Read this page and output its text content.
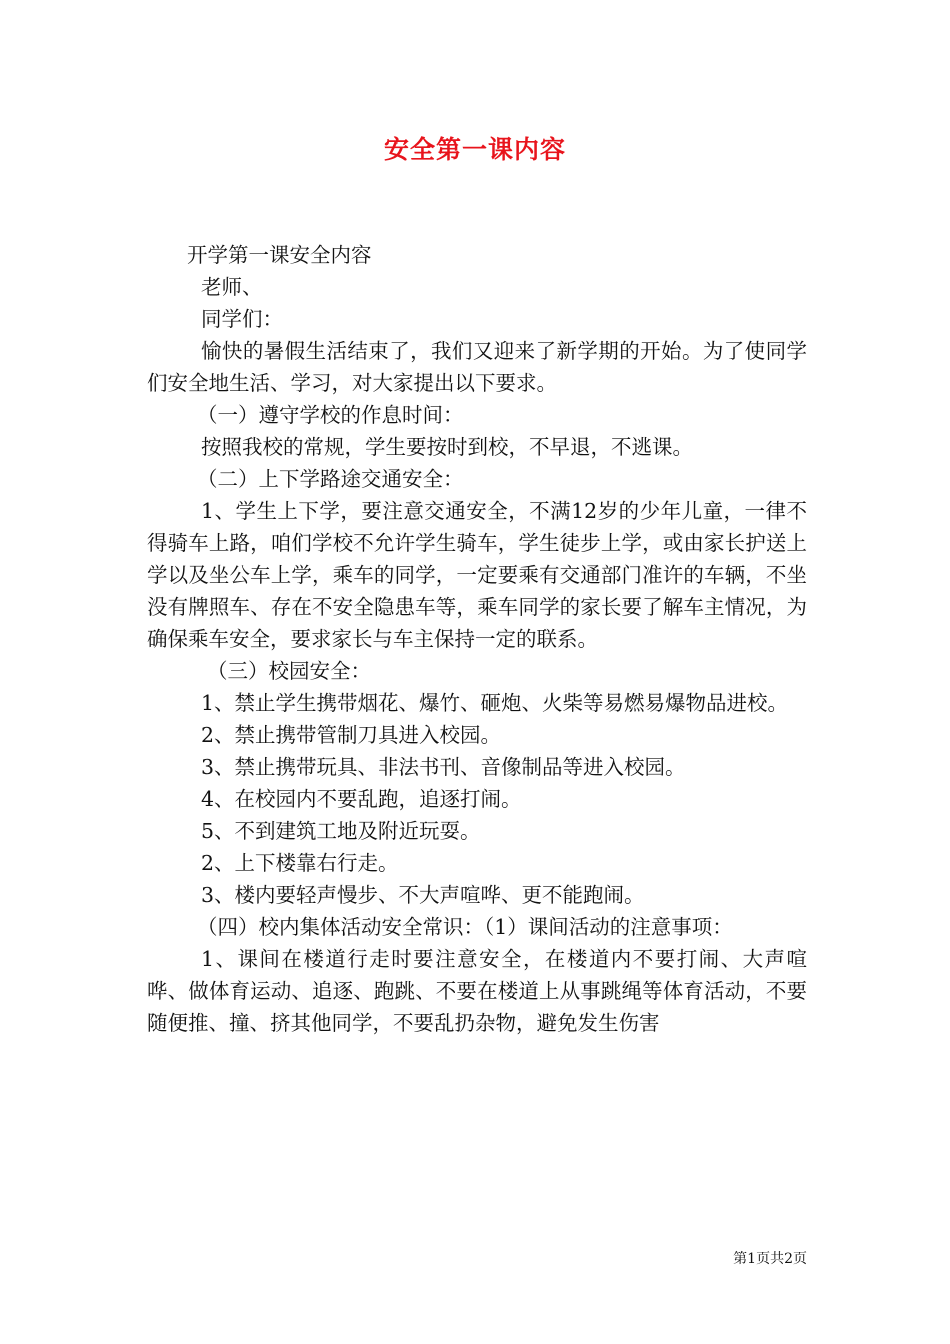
安全第一课内容

开学第一课安全内容

老师、

同学们：

愉快的暑假生活结束了，我们又迎来了新学期的开始。为了使同学们安全地生活、学习，对大家提出以下要求。

（一）遵守学校的作息时间：

按照我校的常规，学生要按时到校，不早退，不逃课。

（二）上下学路途交通安全：

1、学生上下学，要注意交通安全，不满12岁的少年儿童，一律不得骑车上路，咱们学校不允许学生骑车，学生徒步上学，或由家长护送上学以及坐公车上学，乘车的同学，一定要乘有交通部门准许的车辆，不坐没有牌照车、存在不安全隐患车等，乘车同学的家长要了解车主情况，为确保乘车安全，要求家长与车主保持一定的联系。

（三）校园安全：

1、禁止学生携带烟花、爆竹、砸炮、火柴等易燃易爆物品进校。

2、禁止携带管制刀具进入校园。

3、禁止携带玩具、非法书刊、音像制品等进入校园。

4、在校园内不要乱跑，追逐打闹。

5、不到建筑工地及附近玩耍。

2、上下楼靠右行走。

3、楼内要轻声慢步、不大声喧哗、更不能跑闹。

（四）校内集体活动安全常识：（1）课间活动的注意事项：

1、课间在楼道行走时要注意安全，在楼道内不要打闹、大声喧哗、做体育运动、追逐、跑跳、不要在楼道上从事跳绳等体育活动，不要随便推、撞、挤其他同学，不要乱扔杂物，避免发生伤害

第1页共2页
